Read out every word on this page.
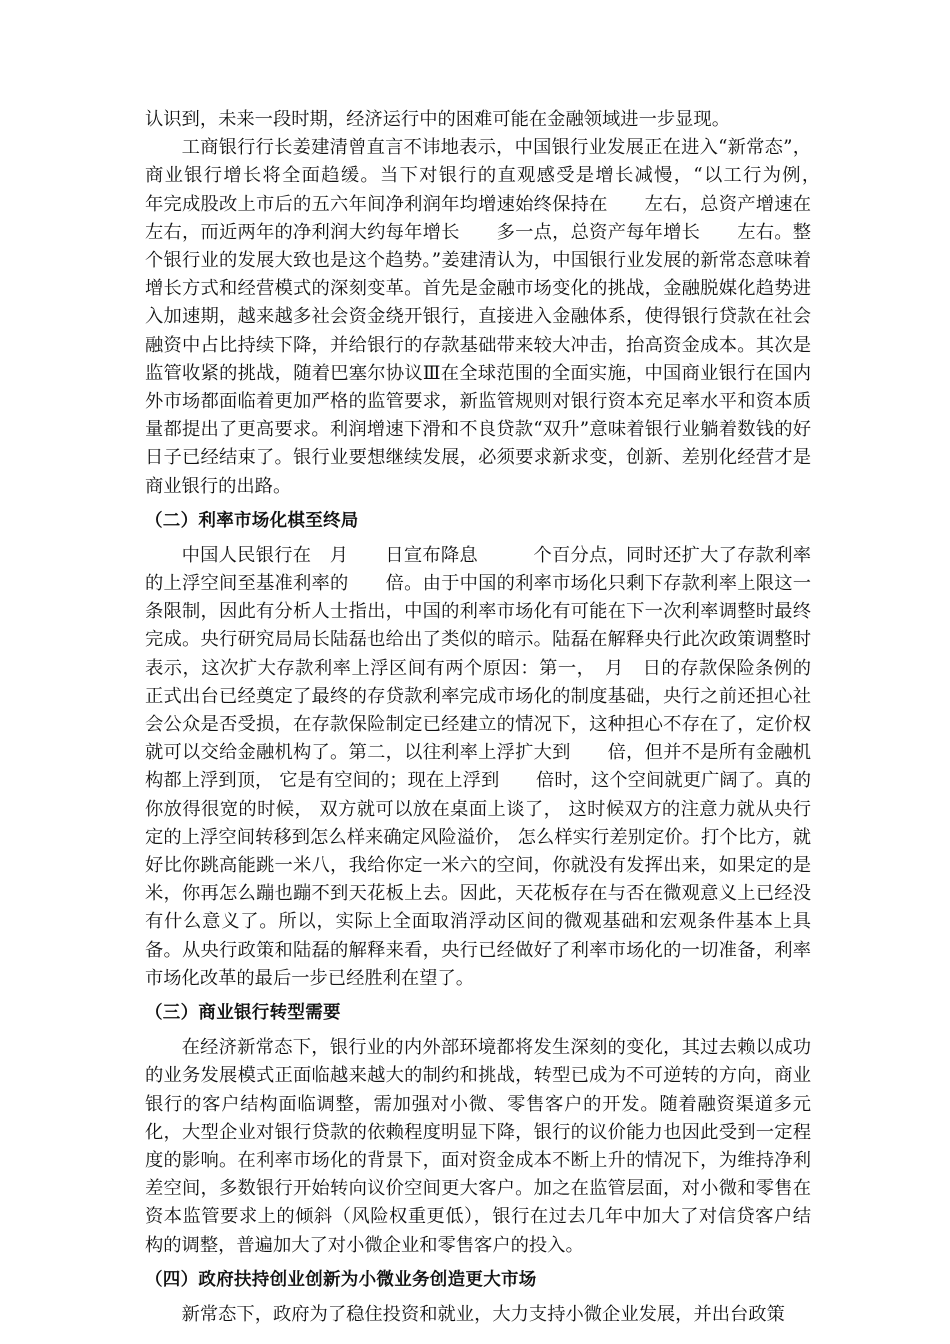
认识到，未来一段时期，经济运行中的困难可能在金融领域进一步显现。

工商银行行长姜建清曾直言不讳地表示，中国银行业发展正在进入“新常态”，商业银行增长将全面趋缓。当下对银行的直观感受是增长减慢，“以工行为例，　　年完成股改上市后的五六年间净利润年均增速始终保持在　　左右，总资产增速在　　左右，而近两年的净利润大约每年增长　　多一点，总资产每年增长　　左右。整个银行业的发展大致也是这个趋势。”姜建清认为，中国银行业发展的新常态意味着增长方式和经营模式的深刻变革。首先是金融市场变化的挑战，金融脱媒化趋势进入加速期，越来越多社会资金绕开银行，直接进入金融体系，使得银行贷款在社会融资中占比持续下降，并给银行的存款基础带来较大冲击，抬高资金成本。其次是监管收紧的挑战，随着巴塞尔协议Ⅲ在全球范围的全面实施，中国商业银行在国内外市场都面临着更加严格的监管要求，新监管规则对银行资本充足率水平和资本质量都提出了更高要求。利润增速下滑和不良贷款“双升”意味着银行业躺着数钱的好日子已经结束了。银行业要想继续发展，必须要求新求变，创新、差别化经营才是商业银行的出路。

（二）利率市场化棋至终局

中国人民银行在　月　　日宣布降息　　　个百分点，同时还扩大了存款利率的上浮空间至基准利率的　　倍。由于中国的利率市场化只剩下存款利率上限这一条限制，因此有分析人士指出，中国的利率市场化有可能在下一次利率调整时最终完成。央行研究局局长陆磊也给出了类似的暗示。陆磊在解释央行此次政策调整时表示，这次扩大存款利率上浮区间有两个原因：第一，　月　日的存款保险条例的正式出台已经奠定了最终的存贷款利率完成市场化的制度基础，央行之前还担心社会公众是否受损，在存款保险制定已经建立的情况下，这种担心不存在了，定价权就可以交给金融机构了。第二，以往利率上浮扩大到　　倍，但并不是所有金融机构都上浮到顶， 它是有空间的；现在上浮到　　倍时，这个空间就更广阔了。真的你放得很宽的时候， 双方就可以放在桌面上谈了， 这时候双方的注意力就从央行定的上浮空间转移到怎么样来确定风险溢价， 怎么样实行差别定价。打个比方，就好比你跳高能跳一米八，我给你定一米六的空间，你就没有发挥出来，如果定的是　米，你再怎么蹦也蹦不到天花板上去。因此，天花板存在与否在微观意义上已经没有什么意义了。所以，实际上全面取消浮动区间的微观基础和宏观条件基本上具备。从央行政策和陆磊的解释来看，央行已经做好了利率市场化的一切准备，利率市场化改革的最后一步已经胜利在望了。

（三）商业银行转型需要

在经济新常态下，银行业的内外部环境都将发生深刻的变化，其过去赖以成功的业务发展模式正面临越来越大的制约和挑战，转型已成为不可逆转的方向，商业银行的客户结构面临调整，需加强对小微、零售客户的开发。随着融资渠道多元化，大型企业对银行贷款的依赖程度明显下降，银行的议价能力也因此受到一定程度的影响。在利率市场化的背景下，面对资金成本不断上升的情况下，为维持净利差空间，多数银行开始转向议价空间更大客户。加之在监管层面，对小微和零售在资本监管要求上的倾斜（风险权重更低），银行在过去几年中加大了对信贷客户结构的调整，普遍加大了对小微企业和零售客户的投入。

（四）政府扶持创业创新为小微业务创造更大市场

新常态下，政府为了稳住投资和就业，大力支持小微企业发展，并出台政策
